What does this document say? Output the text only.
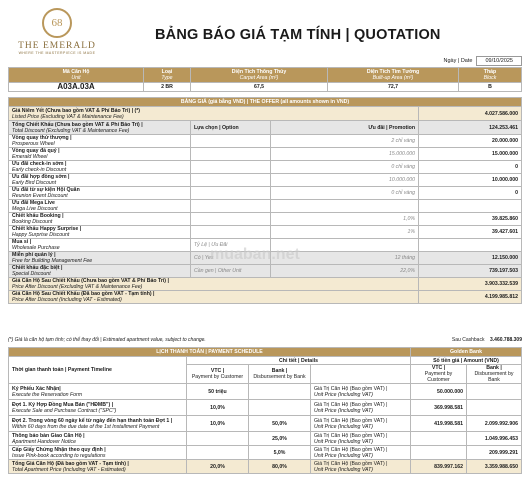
68
THE EMERALD
WHERE THE MASTERPIECE IS MADE
BẢNG BÁO GIÁ TẠM TÍNH | QUOTATION
Ngày | Date	09/10/2025
Mã Căn Hộ
Unit	Loại
Type	Diện Tích Thông Thủy
Carpet Area (m²)	Diện Tích Tim Tường
Built-up Area (m²)	Tháp
Block
A03A.03A	2 BR	67,5	72,7	B
BẢNG GIÁ (giá bằng VND) | THE OFFER (all amounts shown in VND)			
Giá Niêm Yết (Chưa bao gồm VAT & Phí Bảo Trì) | (*)
Listed Price (Excluding VAT & Maintenance Fee)			4.027.586.000
Tổng Chiết Khấu (Chưa bao gồm VAT & Phí Bảo Trì) |
Total Discount (Excluding VAT & Maintenance Fee)	Lựa chọn | Option	Ưu đãi | Promotion	124.253.461
Vòng quay thử thượng |
Prosperous Wheel		2 chỉ vàng	20.000.000
Vòng quay đá quý |
Emerald Wheel		15.000.000	15.000.000
Ưu đãi check-in sớm |
Early check-in Discount		0 chỉ vàng	0
Ưu đãi hợp đồng sớm |
Early Bird Discount		10.000.000	10.000.000
Ưu đãi từ sự kiện Hội Quân
Reunion Event Discount		0 chỉ vàng	0
Ưu đãi Mega Live
Mega Live Discount			
Chiết khấu Booking |
Booking Discount		1,0%	39.825.860
Chiết khấu Happy Surprise |
Happy Surprise Discount		1%	39.427.601
Mua sỉ |
Wholesale Purchase	Tỷ Lệ | Ưu Đãi		
Miễn phí quản lý |
Free for Building Management Fee	Có | Yes	12 tháng	12.150.000
Chiết khấu đặc biệt |
Special Discount	Cần gen | Other Unit	22,0%	739.197.503
Giá Căn Hộ Sau Chiết Khấu (Chưa bao gồm VAT & Phí Bảo Trì) |
Price After Discount (Excluding VAT & Maintenance Fee)			3.903.332.539
Giá Căn Hộ Sau Chiết Khấu (Đã bao gồm VAT - Tạm tính) |
Price After Discount (Including VAT - Estimated)			4.199.985.812
muaban.net
(*) Giá là căn hộ tạm tính; có thể thay đổi | Estimated apartment value, subject to change.	Sau Cashback 3.460.788.309
LỊCH THANH TOÁN | PAYMENT SCHEDULE				Golden Bank	
Thời gian thanh toán | Payment Timeline	Chi tiết | Details			Số tiền giá | Amount (VND)	
	VTC |
Payment by Customer	Bank |
Disbursement by Bank		VTC |
Payment by Customer	Bank |
Disbursement by Bank
Ký Phiếu Xác Nhận|
Execute the Reservation Form	50 triệu		Giá Trị Căn Hộ (Bao gồm VAT) |
Unit Price (Including VAT)	50.000.000	
Đợt 1. Ký Hợp Đồng Mua Bán ("HĐMB") |
Execute Sale and Purchase Contract ("SPC")	10,0%		Giá Trị Căn Hộ (Bao gồm VAT) |
Unit Price (Including VAT)	369.998.581	
Đợt 2. Trong vòng 60 ngày kể từ ngày đến hạn thanh toán Đợt 1 |
Within 60 days from the due date of the 1st Installment Payment	10,0%	50,0%	Giá Trị Căn Hộ (Bao gồm VAT) |
Unit Price (Including VAT)	419.998.581	2.099.992.906
Thông báo bàn Giao Căn Hộ |
Apartment Handover Notice		25,0%	Giá Trị Căn Hộ (Bao gồm VAT) |
Unit Price (Including VAT)		1.049.996.453
Cấp Giấy Chứng Nhận theo quy định |
Issue Pink-book according to regulations		5,0%	Giá Trị Căn Hộ (Bao gồm VAT) |
Unit Price (Including VAT)		209.999.291
Tổng Giá Căn Hộ (Đã bao gồm VAT - Tạm tính) |
Total Apartment Price (Including VAT - Estimated)	20,0%	80,0%	Giá Trị Căn Hộ (Bao gồm VAT) |
Unit Price (Including VAT)	839.997.162	3.359.988.650
